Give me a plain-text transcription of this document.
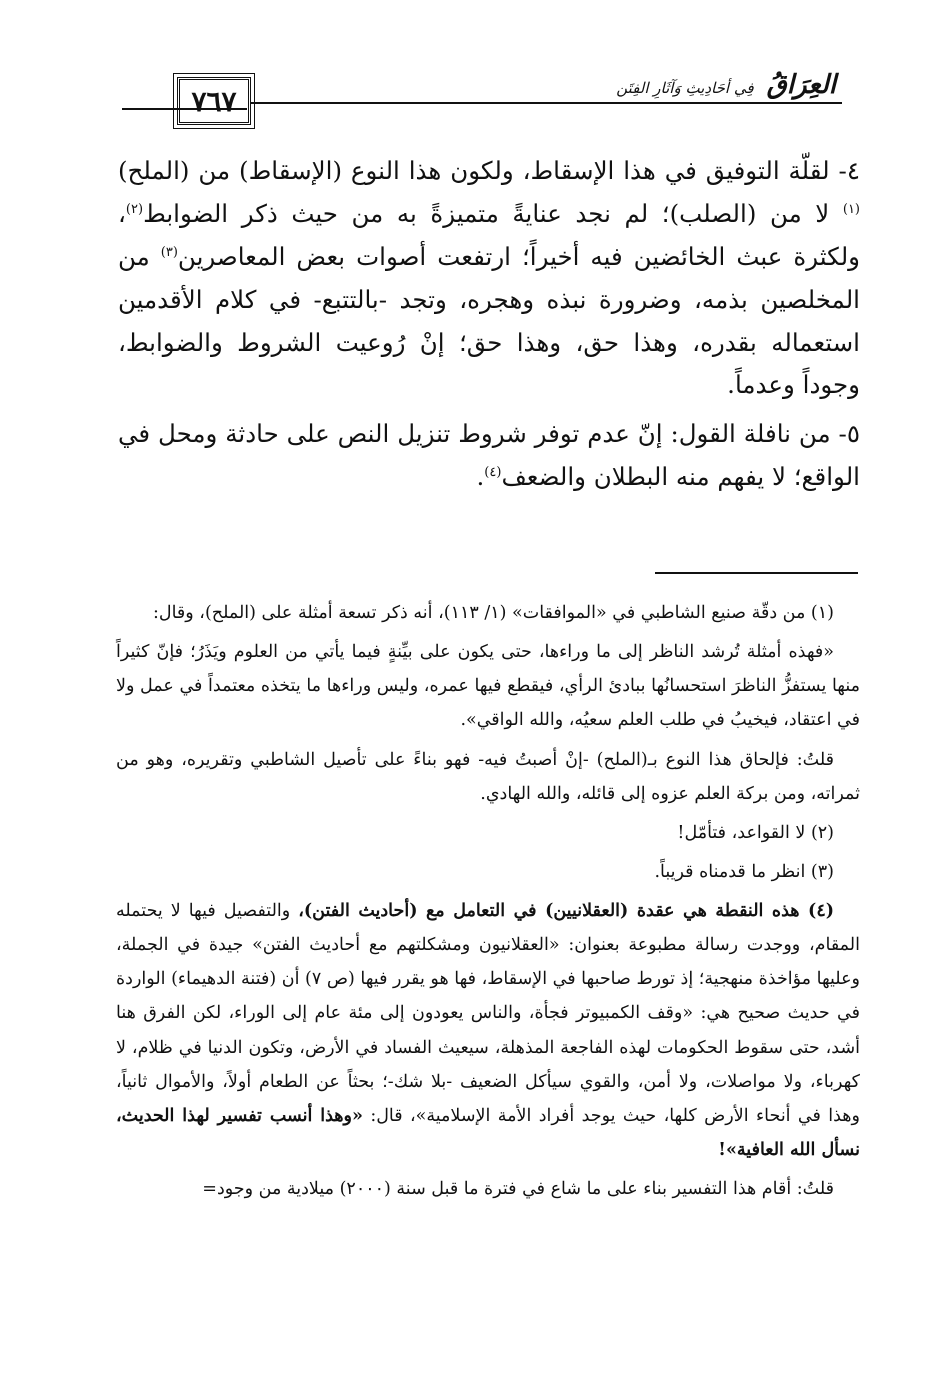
٧٦٧	العِرَاقُ فِي أحَادِيثِ وَآثَارِ الفِتَن

٤- لقلّة التوفيق في هذا الإسقاط، ولكون هذا النوع (الإسقاط) من (الملح)$^{(١)}$ لا من (الصلب)؛ لم نجد عنايةً متميزةً به من حيث ذكر الضوابط$^{(٢)}$، ولكثرة عبث الخائضين فيه أخيراً؛ ارتفعت أصوات بعض المعاصرين$^{(٣)}$ من المخلصين بذمه، وضرورة نبذه وهجره، وتجد -بالتتبع- في كلام الأقدمين استعماله بقدره، وهذا حق، وهذا حق؛ إنْ رُوعيت الشروط والضوابط، وجوداً وعدماً.

٥- من نافلة القول: إنّ عدم توفر شروط تنزيل النص على حادثة ومحل في الواقع؛ لا يفهم منه البطلان والضعف$^{(٤)}$.

(١) من دقّة صنيع الشاطبي في «الموافقات» (١/ ١١٣)، أنه ذكر تسعة أمثلة على (الملح)، وقال:

«فهذه أمثلة تُرشد الناظر إلى ما وراءها، حتى يكون على بيِّنةٍ فيما يأتي من العلوم ويَذَرُ؛ فإنّ كثيراً منها يستفزُّ الناظرَ استحسانُها ببادئ الرأي، فيقطع فيها عمره، وليس وراءها ما يتخذه معتمداً في عمل ولا في اعتقاد، فيخيبُ في طلب العلم سعيُه، والله الواقي».

قلتُ: فإلحاق هذا النوع بـ(الملح) -إنْ أصبتُ فيه- فهو بناءً على تأصيل الشاطبي وتقريره، وهو من ثمراته، ومن بركة العلم عزوه إلى قائله، والله الهادي.

(٢) لا القواعد، فتأمّل!

(٣) انظر ما قدمناه قريباً.

(٤) هذه النقطة هي عقدة (العقلانيين) في التعامل مع (أحاديث الفتن)، والتفصيل فيها لا يحتمله المقام، ووجدت رسالة مطبوعة بعنوان: «العقلانيون ومشكلتهم مع أحاديث الفتن» جيدة في الجملة، وعليها مؤاخذة منهجية؛ إذ تورط صاحبها في الإسقاط، فها هو يقرر فيها (ص ٧) أن (فتنة الدهيماء) الواردة في حديث صحيح هي: «وقف الكمبيوتر فجأة، والناس يعودون إلى مئة عام إلى الوراء، لكن الفرق هنا أشد، حتى سقوط الحكومات لهذه الفاجعة المذهلة، سيعيث الفساد في الأرض، وتكون الدنيا في ظلام، لا كهرباء، ولا مواصلات، ولا أمن، والقوي سيأكل الضعيف -بلا شك-؛ بحثاً عن الطعام أولاً، والأموال ثانياً، وهذا في أنحاء الأرض كلها، حيث يوجد أفراد الأمة الإسلامية»، قال: «وهذا أنسب تفسير لهذا الحديث، نسأل الله العافية»!

قلتُ: أقام هذا التفسير بناء على ما شاع في فترة ما قبل سنة (٢٠٠٠) ميلادية من وجود=
